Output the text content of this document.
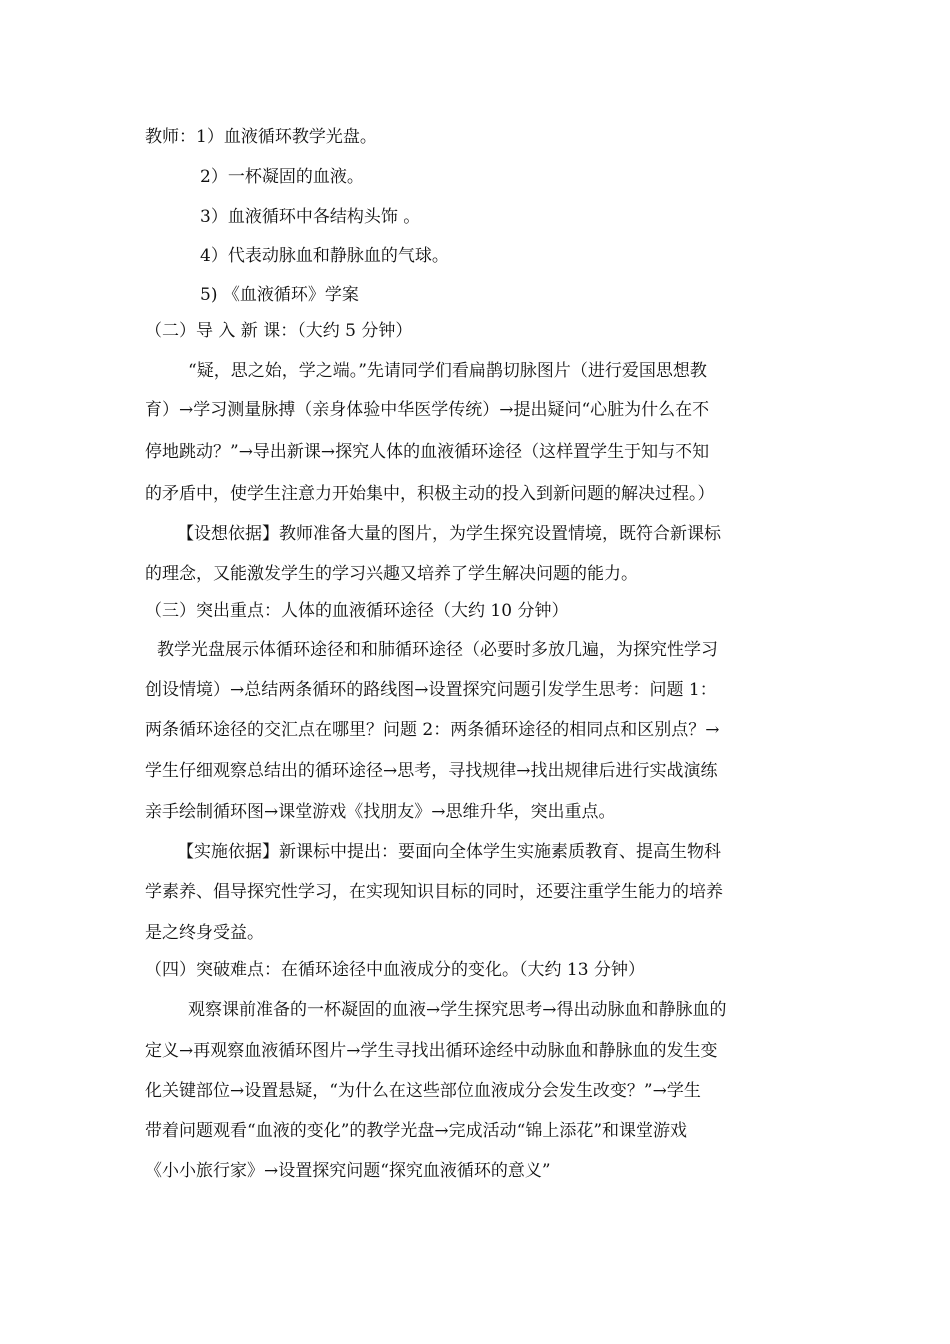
教师：1）血液循环教学光盘。
2）一杯凝固的血液。
3）血液循环中各结构头饰 。
4）代表动脉血和静脉血的气球。
5) 《血液循环》学案
（二）导 入 新 课：（大约 5 分钟）
“疑，思之始，学之端。”先请同学们看扁鹊切脉图片（进行爱国思想教
育）→学习测量脉搏（亲身体验中华医学传统）→提出疑问“心脏为什么在不
停地跳动？”→导出新课→探究人体的血液循环途径（这样置学生于知与不知
的矛盾中，使学生注意力开始集中，积极主动的投入到新问题的解决过程。）
【设想依据】教师准备大量的图片，为学生探究设置情境，既符合新课标
的理念，又能激发学生的学习兴趣又培养了学生解决问题的能力。
（三）突出重点：人体的血液循环途径（大约 10 分钟）
教学光盘展示体循环途径和和肺循环途径（必要时多放几遍，为探究性学习
创设情境）→总结两条循环的路线图→设置探究问题引发学生思考：问题 1：
两条循环途径的交汇点在哪里？问题 2：两条循环途径的相同点和区别点？→
学生仔细观察总结出的循环途径→思考，寻找规律→找出规律后进行实战演练
亲手绘制循环图→课堂游戏《找朋友》→思维升华，突出重点。
【实施依据】新课标中提出：要面向全体学生实施素质教育、提高生物科
学素养、倡导探究性学习，在实现知识目标的同时，还要注重学生能力的培养
是之终身受益。
（四）突破难点：在循环途径中血液成分的变化。（大约 13 分钟）
观察课前准备的一杯凝固的血液→学生探究思考→得出动脉血和静脉血的
定义→再观察血液循环图片→学生寻找出循环途经中动脉血和静脉血的发生变
化关键部位→设置悬疑，“为什么在这些部位血液成分会发生改变？”→学生
带着问题观看“血液的变化”的教学光盘→完成活动“锦上添花”和课堂游戏
《小小旅行家》→设置探究问题“探究血液循环的意义”
